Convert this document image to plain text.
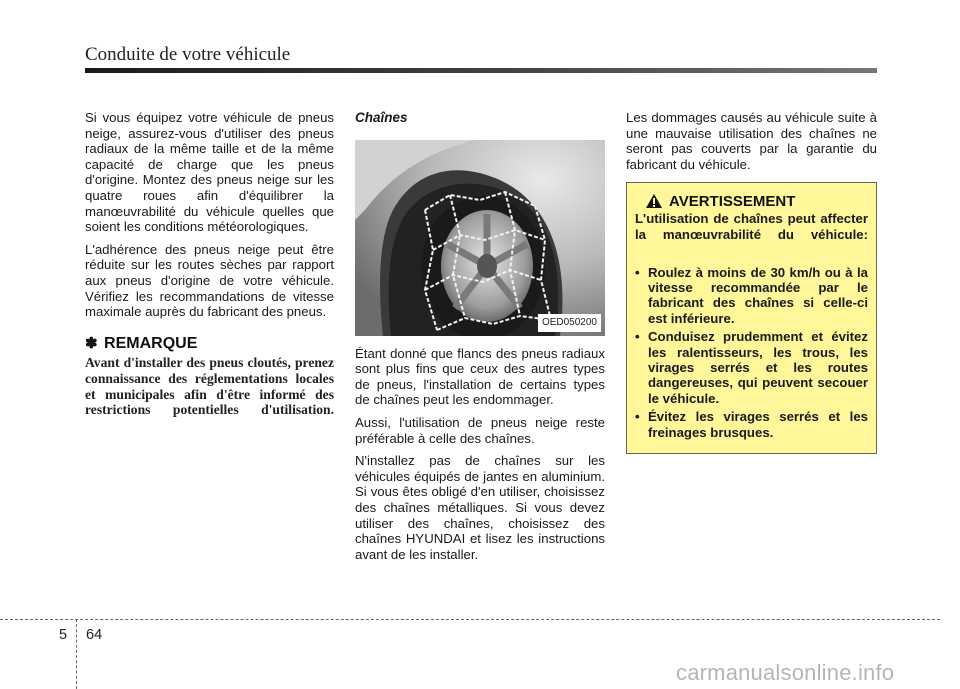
Conduite de votre véhicule

Si vous équipez votre véhicule de pneus neige, assurez-vous d'utiliser des pneus radiaux de la même taille et de la même capacité de charge que les pneus d'origine. Montez des pneus neige sur les quatre roues afin d'équilibrer la manœuvrabilité du véhicule quelles que soient les conditions météorologiques.

L'adhérence des pneus neige peut être réduite sur les routes sèches par rapport aux pneus d'origine de votre véhicule. Vérifiez les recommandations de vitesse maximale auprès du fabricant des pneus.

✽ REMARQUE

Avant d'installer des pneus cloutés, prenez connaissance des réglementations locales et municipales afin d'être informé des restrictions potentielles d'utilisation.

Chaînes
OED050200

Étant donné que flancs des pneus radiaux sont plus fins que ceux des autres types de pneus, l'installation de certains types de chaînes peut les endommager.

Aussi, l'utilisation de pneus neige reste préférable à celle des chaînes.

N'installez pas de chaînes sur les véhicules équipés de jantes en aluminium. Si vous êtes obligé d'en utiliser, choisissez des chaînes métalliques. Si vous devez utiliser des chaînes, choisissez des chaînes HYUNDAI et lisez les instructions avant de les installer.

Les dommages causés au véhicule suite à une mauvaise utilisation des chaînes ne seront pas couverts par la garantie du fabricant du véhicule.

AVERTISSEMENT

L'utilisation de chaînes peut affecter la manœuvrabilité du véhicule:

• Roulez à moins de 30 km/h ou à la vitesse recommandée par le fabricant des chaînes si celle-ci est inférieure.
• Conduisez prudemment et évitez les ralentisseurs, les trous, les virages serrés et les routes dangereuses, qui peuvent secouer le véhicule.
• Évitez les virages serrés et les freinages brusques.
5 64
carmanualsonline.info
